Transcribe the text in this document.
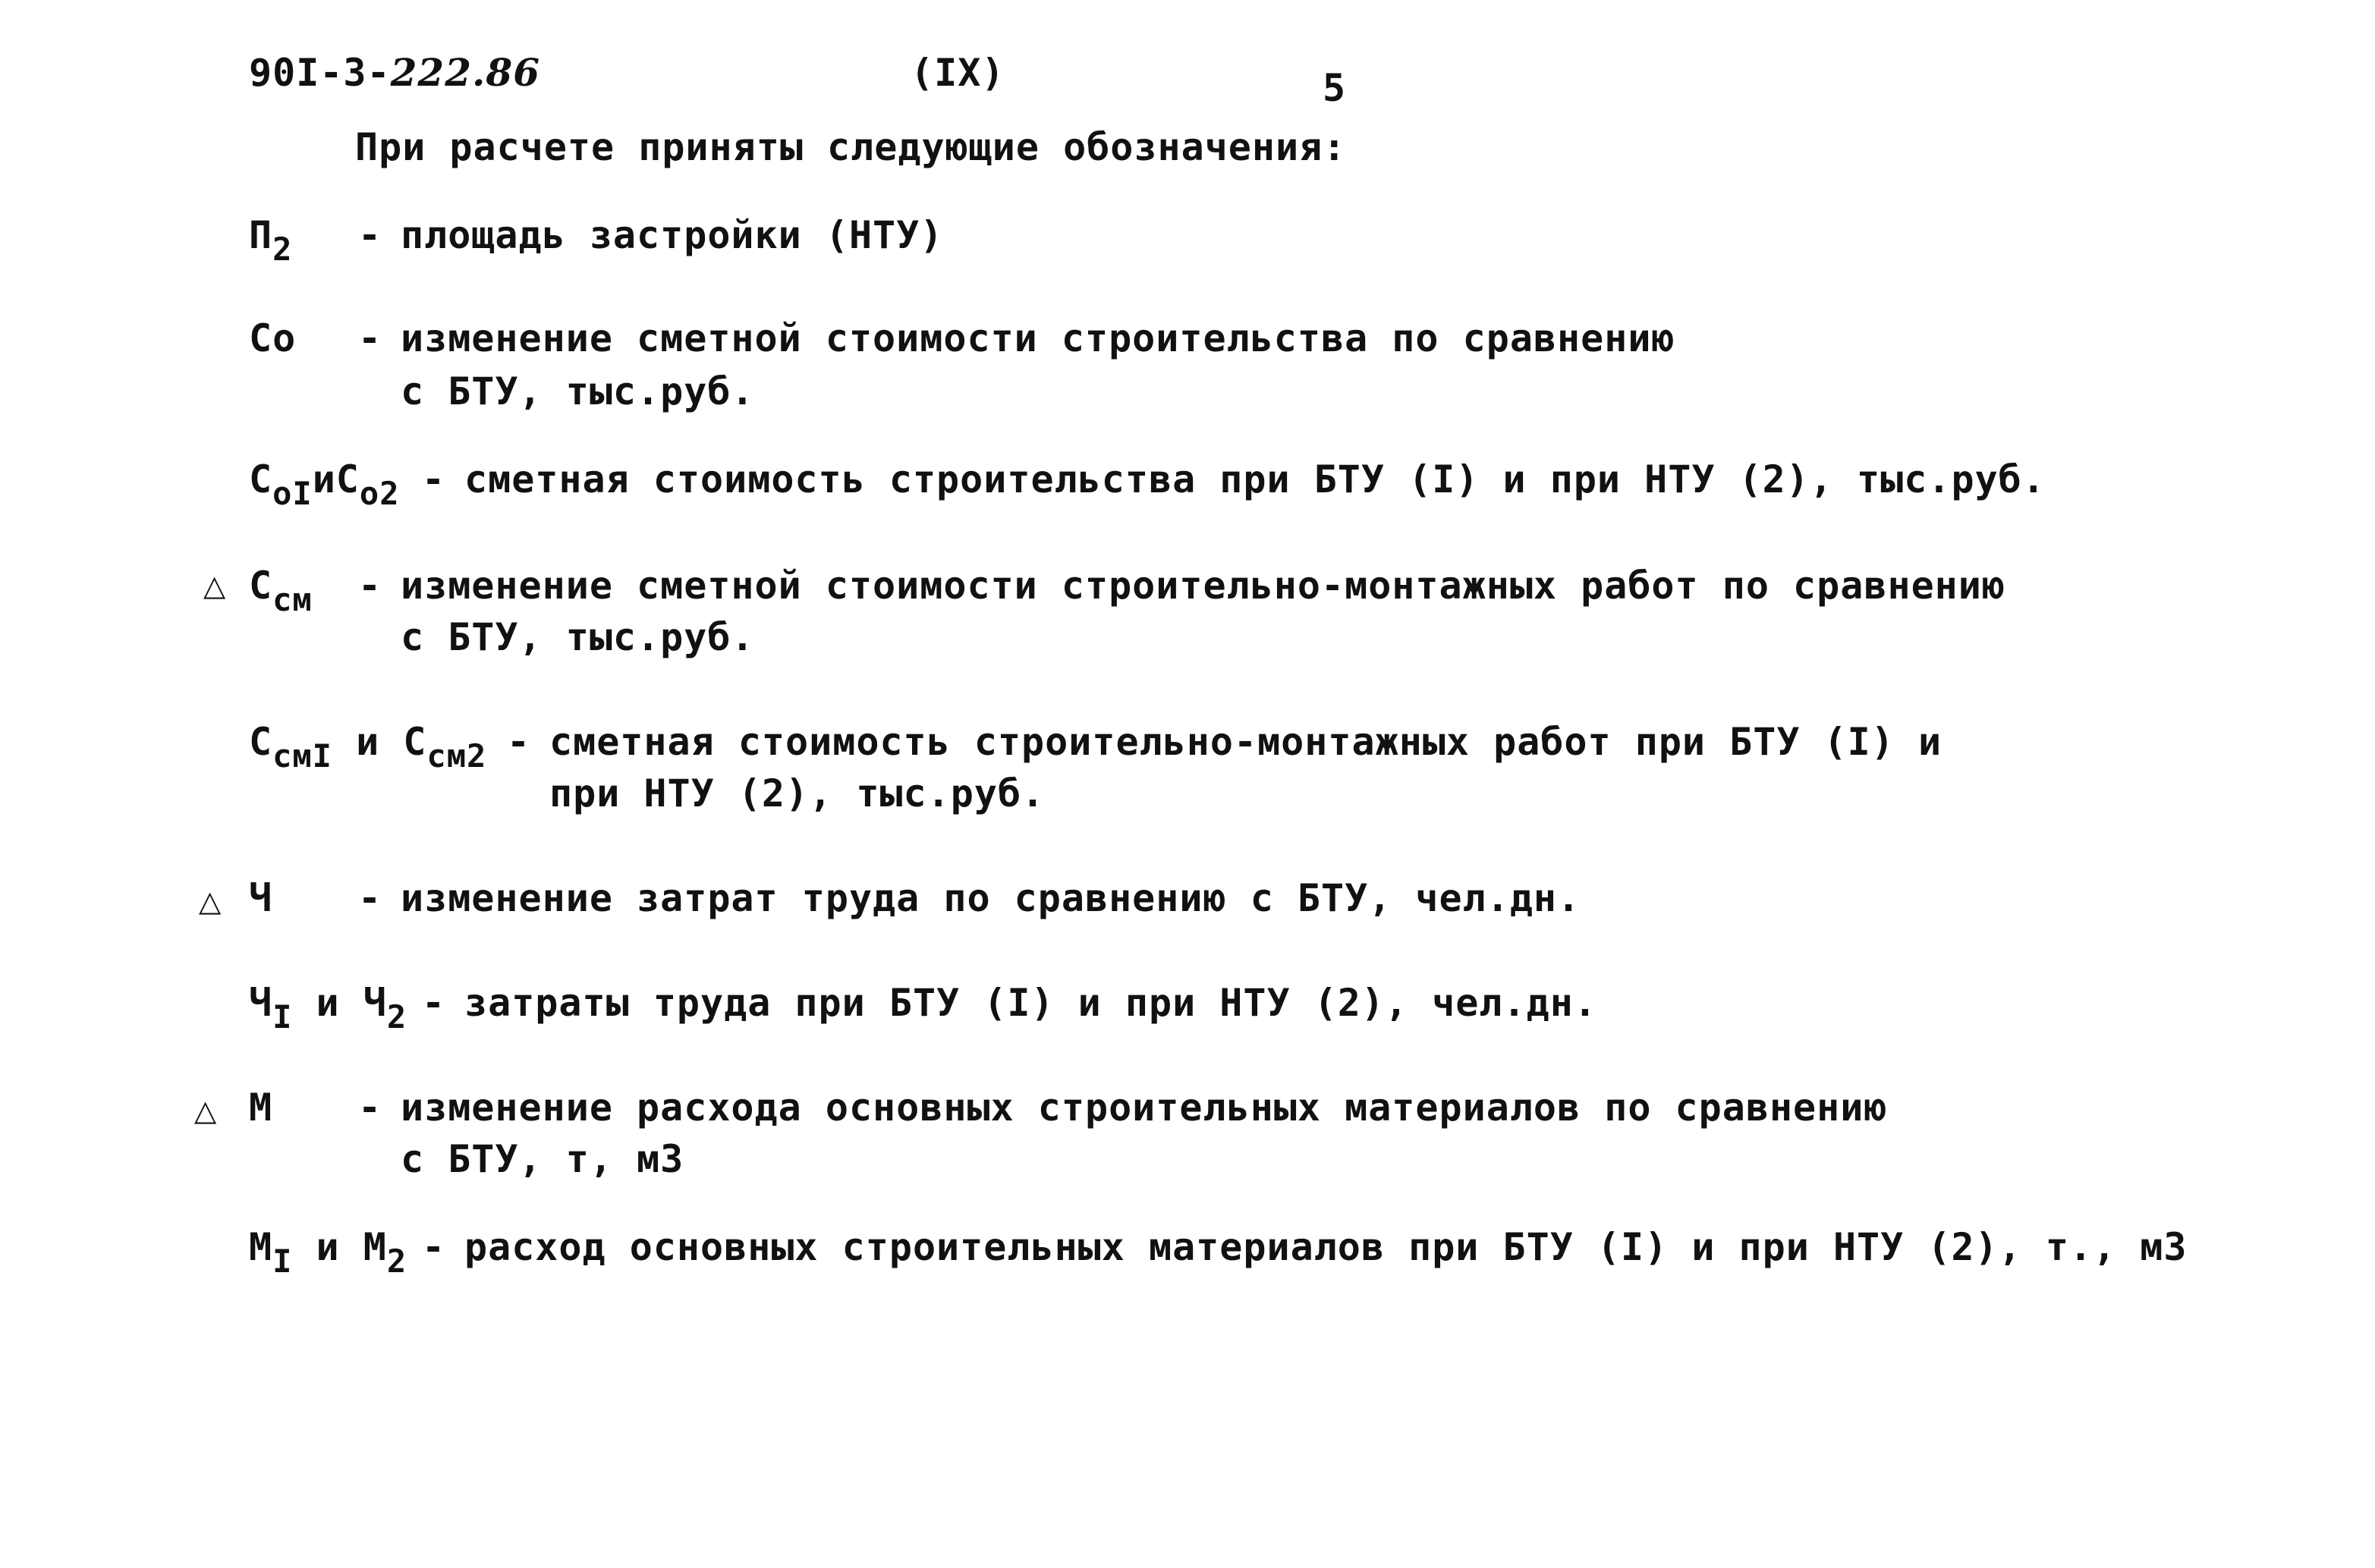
90I-3-222.86	(IX)	5
При расчете приняты следующие обозначения:
$П_2$ - площадь застройки (НТУ)
Со - изменение сметной стоимости строительства по сравнению
с БТУ, тыс.руб.
$С_{оI}иС_{о2}$ - сметная стоимость строительства при БТУ (I) и при НТУ (2), тыс.руб.
△ $С_{см}$ - изменение сметной стоимости строительно-монтажных работ по сравнению
с БТУ, тыс.руб.
$С_{смI}$ и $С_{см2}$ - сметная стоимость строительно-монтажных работ при БТУ (I) и
при НТУ (2), тыс.руб.
△ Ч - изменение затрат труда по сравнению с БТУ, чел.дн.
$Ч_I$ и $Ч_2$ - затраты труда при БТУ (I) и при НТУ (2), чел.дн.
△ М - изменение расхода основных строительных материалов по сравнению
с БТУ, т, м3
$М_I$ и $М_2$ - расход основных строительных материалов при БТУ (I) и при НТУ (2), т., м3
